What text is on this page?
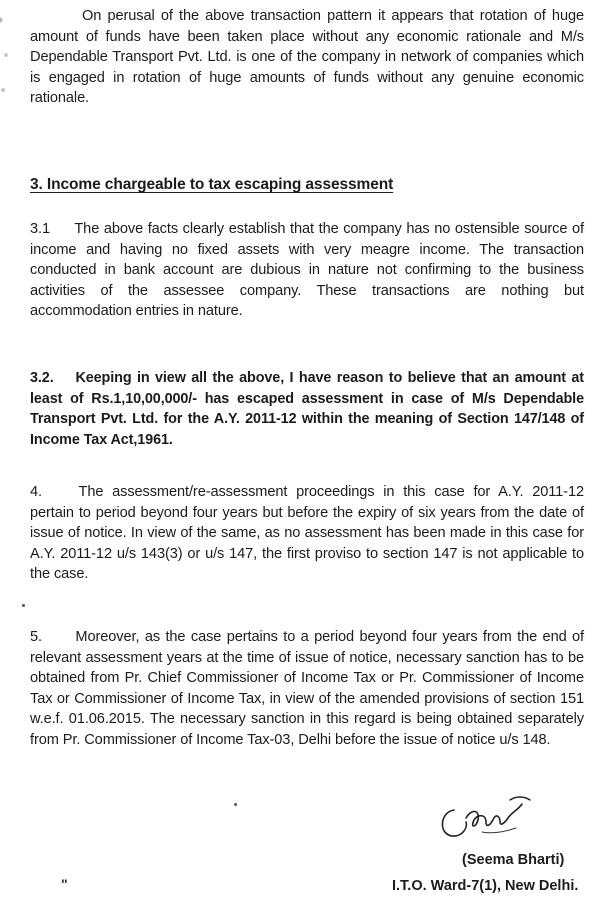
On perusal of the above transaction pattern it appears that rotation of huge amount of funds have been taken place without any economic rationale and M/s Dependable Transport Pvt. Ltd. is one of the company in network of companies which is engaged in rotation of huge amounts of funds without any genuine economic rationale.
3. Income chargeable to tax escaping assessment
3.1 The above facts clearly establish that the company has no ostensible source of income and having no fixed assets with very meagre income. The transaction conducted in bank account are dubious in nature not confirming to the business activities of the assessee company. These transactions are nothing but accommodation entries in nature.
3.2. Keeping in view all the above, I have reason to believe that an amount at least of Rs.1,10,00,000/- has escaped assessment in case of M/s Dependable Transport Pvt. Ltd. for the A.Y. 2011-12 within the meaning of Section 147/148 of Income Tax Act,1961.
4.	The assessment/re-assessment proceedings in this case for A.Y. 2011-12 pertain to period beyond four years but before the expiry of six years from the date of issue of notice. In view of the same, as no assessment has been made in this case for A.Y. 2011-12 u/s 143(3) or u/s 147, the first proviso to section 147 is not applicable to the case.
5. Moreover, as the case pertains to a period beyond four years from the end of relevant assessment years at the time of issue of notice, necessary sanction has to be obtained from Pr. Chief Commissioner of Income Tax or Pr. Commissioner of Income Tax or Commissioner of Income Tax, in view of the amended provisions of section 151 w.e.f. 01.06.2015. The necessary sanction in this regard is being obtained separately from Pr. Commissioner of Income Tax-03, Delhi before the issue of notice u/s 148.
(Seema Bharti)
I.T.O. Ward-7(1), New Delhi.
"
